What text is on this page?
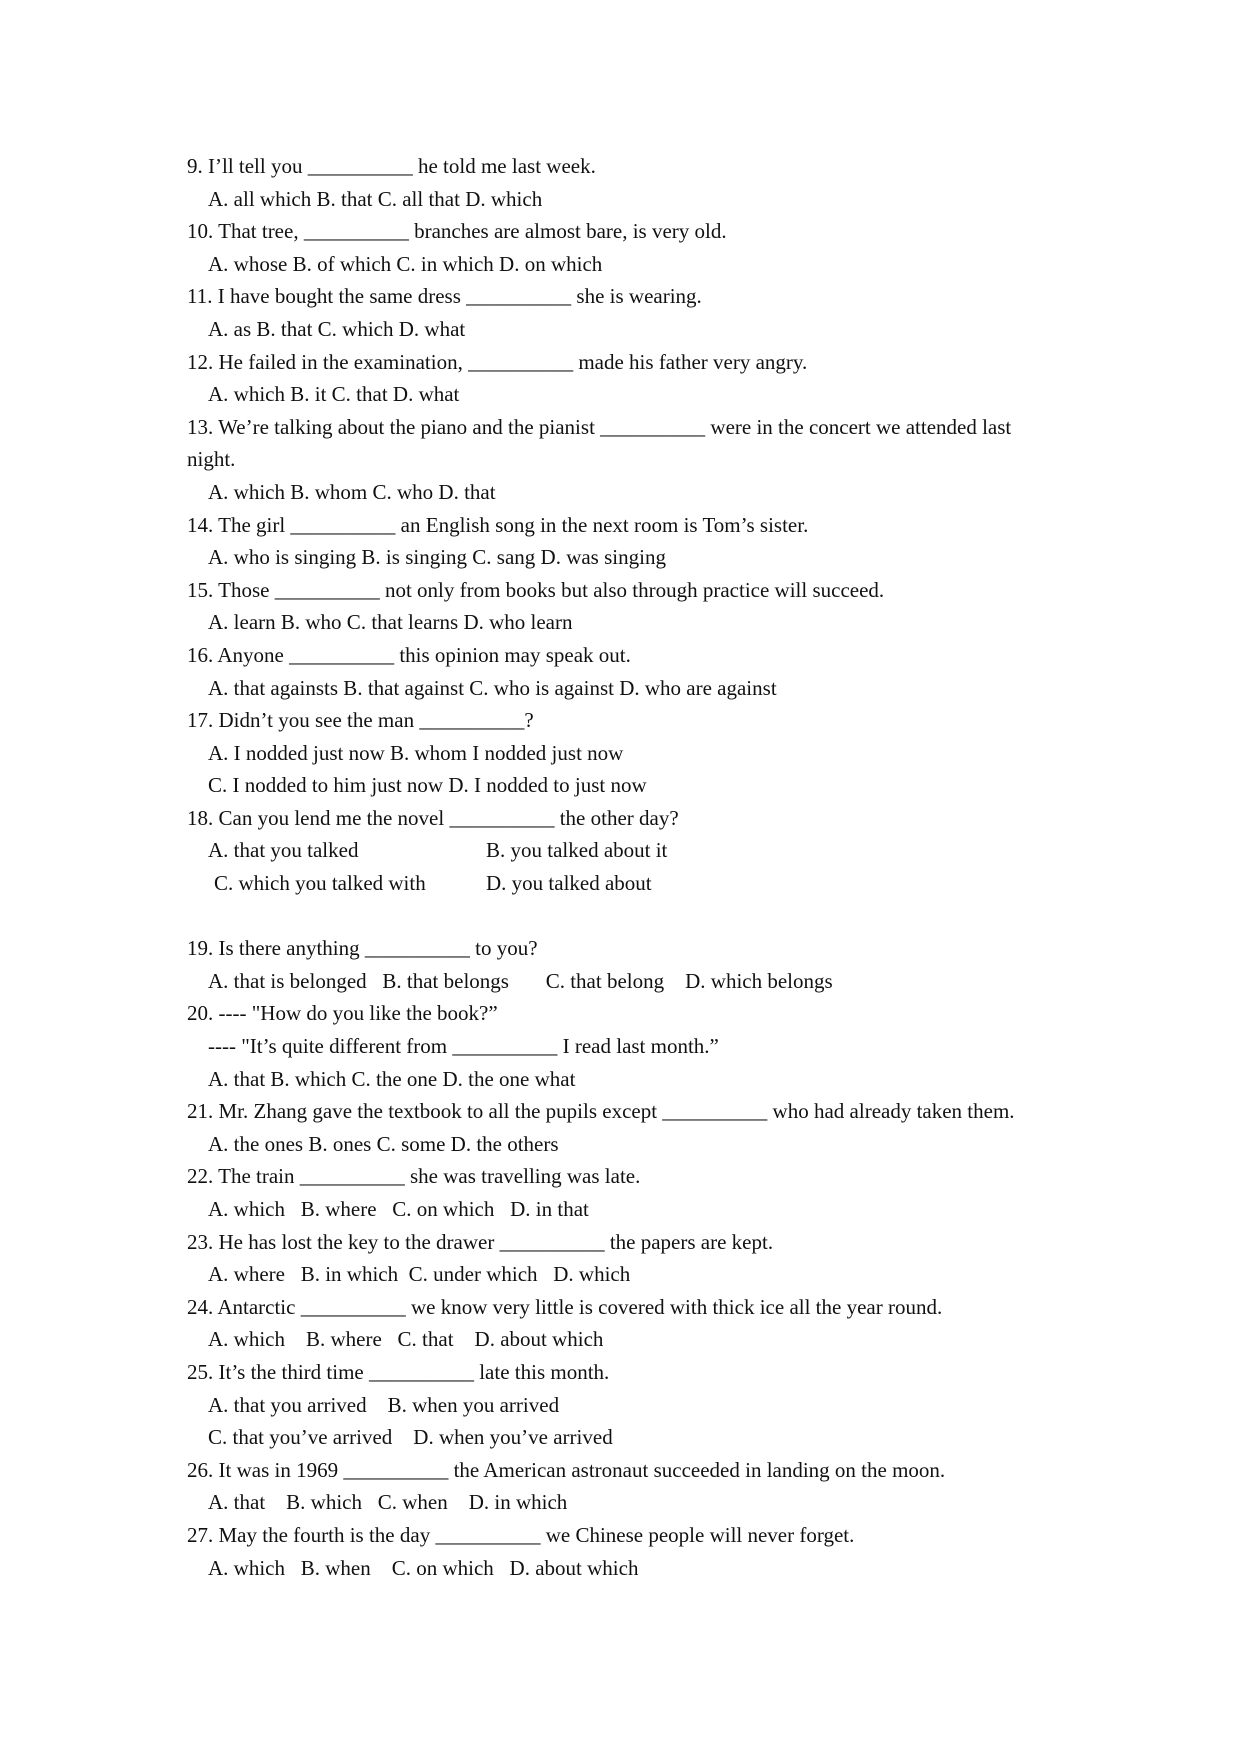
9. I’ll tell you __________ he told me last week.
A. all which B. that C. all that D. which
10. That tree, __________ branches are almost bare, is very old.
A. whose B. of which C. in which D. on which
11. I have bought the same dress __________ she is wearing.
A. as B. that C. which D. what
12. He failed in the examination, __________ made his father very angry.
A. which B. it C. that D. what
13. We’re talking about the piano and the pianist __________ were in the concert we attended last
night.
A. which B. whom C. who D. that
14. The girl __________ an English song in the next room is Tom’s sister.
A. who is singing B. is singing C. sang D. was singing
15. Those __________ not only from books but also through practice will succeed.
A. learn B. who C. that learns D. who learn
16. Anyone __________ this opinion may speak out.
A. that againsts B. that against C. who is against D. who are against
17. Didn’t you see the man __________?
A. I nodded just now B. whom I nodded just now
C. I nodded to him just now D. I nodded to just now
18. Can you lend me the novel __________ the other day?
A. that you talked	B. you talked about it
C. which you talked with	D. you talked about
19. Is there anything __________ to you?
A. that is belonged   B. that belongs       C. that belong    D. which belongs
20. ---- "How do you like the book?”
---- "It’s quite different from __________ I read last month.”
A. that B. which C. the one D. the one what
21. Mr. Zhang gave the textbook to all the pupils except __________ who had already taken them.
A. the ones B. ones C. some D. the others
22. The train __________ she was travelling was late.
A. which   B. where   C. on which   D. in that
23. He has lost the key to the drawer __________ the papers are kept.
A. where   B. in which  C. under which   D. which
24. Antarctic __________ we know very little is covered with thick ice all the year round.
A. which    B. where   C. that    D. about which
25. It’s the third time __________ late this month.
A. that you arrived    B. when you arrived
C. that you’ve arrived    D. when you’ve arrived
26. It was in 1969 __________ the American astronaut succeeded in landing on the moon.
A. that    B. which   C. when    D. in which
27. May the fourth is the day __________ we Chinese people will never forget.
A. which   B. when    C. on which   D. about which
